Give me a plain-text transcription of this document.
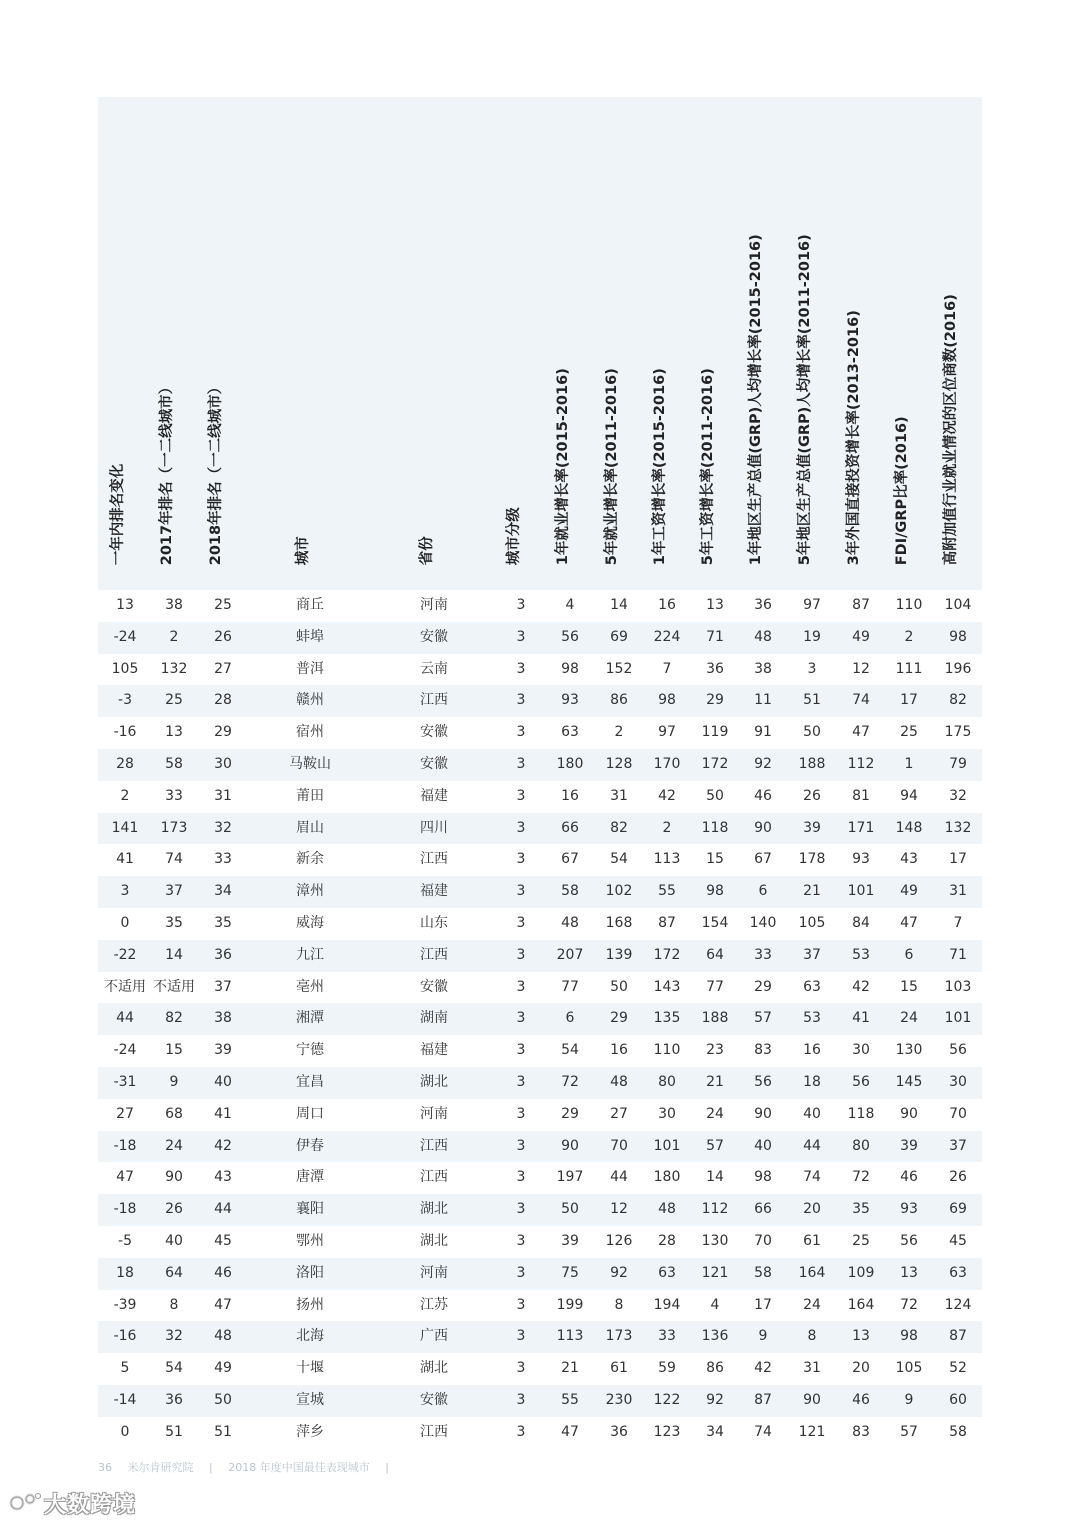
一年内排名变化 2017年排名（一二线城市） 2018年排名（一二线城市）	城市	省份	城市分级 1年就业增长率(2015-2016) 5年就业增长率(2011-2016) 1年工资增长率(2015-2016) 5年工资增长率(2011-2016) 1年地区生产总值(GRP)人均增长率(2015-2016) 5年地区生产总值(GRP)人均增长率(2011-2016) 3年外国直接投资增长率(2013-2016) FDI/GRP比率(2016) 高附加值行业就业情况的区位商数(2016)
13	38	25	商丘	河南	3	4	14	16	13	36	97	87	110	104
-24	2	26	蚌埠	安徽	3	56	69	224	71	48	19	49	2	98
105	132	27	普洱	云南	3	98	152	7	36	38	3	12	111	196
-3	25	28	赣州	江西	3	93	86	98	29	11	51	74	17	82
-16	13	29	宿州	安徽	3	63	2	97	119	91	50	47	25	175
28	58	30	马鞍山	安徽	3	180	128	170	172	92	188	112	1	79
2	33	31	莆田	福建	3	16	31	42	50	46	26	81	94	32
141	173	32	眉山	四川	3	66	82	2	118	90	39	171	148	132
41	74	33	新余	江西	3	67	54	113	15	67	178	93	43	17
3	37	34	漳州	福建	3	58	102	55	98	6	21	101	49	31
0	35	35	威海	山东	3	48	168	87	154	140	105	84	47	7
-22	14	36	九江	江西	3	207	139	172	64	33	37	53	6	71
不适用 不适用	37	亳州	安徽	3	77	50	143	77	29	63	42	15	103
44	82	38	湘潭	湖南	3	6	29	135	188	57	53	41	24	101
-24	15	39	宁德	福建	3	54	16	110	23	83	16	30	130	56
-31	9	40	宜昌	湖北	3	72	48	80	21	56	18	56	145	30
27	68	41	周口	河南	3	29	27	30	24	90	40	118	90	70
-18	24	42	伊春	江西	3	90	70	101	57	40	44	80	39	37
47	90	43	唐潭	江西	3	197	44	180	14	98	74	72	46	26
-18	26	44	襄阳	湖北	3	50	12	48	112	66	20	35	93	69
-5	40	45	鄂州	湖北	3	39	126	28	130	70	61	25	56	45
18	64	46	洛阳	河南	3	75	92	63	121	58	164	109	13	63
-39	8	47	扬州	江苏	3	199	8	194	4	17	24	164	72	124
-16	32	48	北海	广西	3	113	173	33	136	9	8	13	98	87
5	54	49	十堰	湖北	3	21	61	59	86	42	31	20	105	52
-14	36	50	宣城	安徽	3	55	230	122	92	87	90	46	9	60
0	51	51	萍乡	江西	3	47	36	123	34	74	121	83	57	58
36 米尔肯研究院 | 2018 年度中国最佳表现城市 |
大数跨境
